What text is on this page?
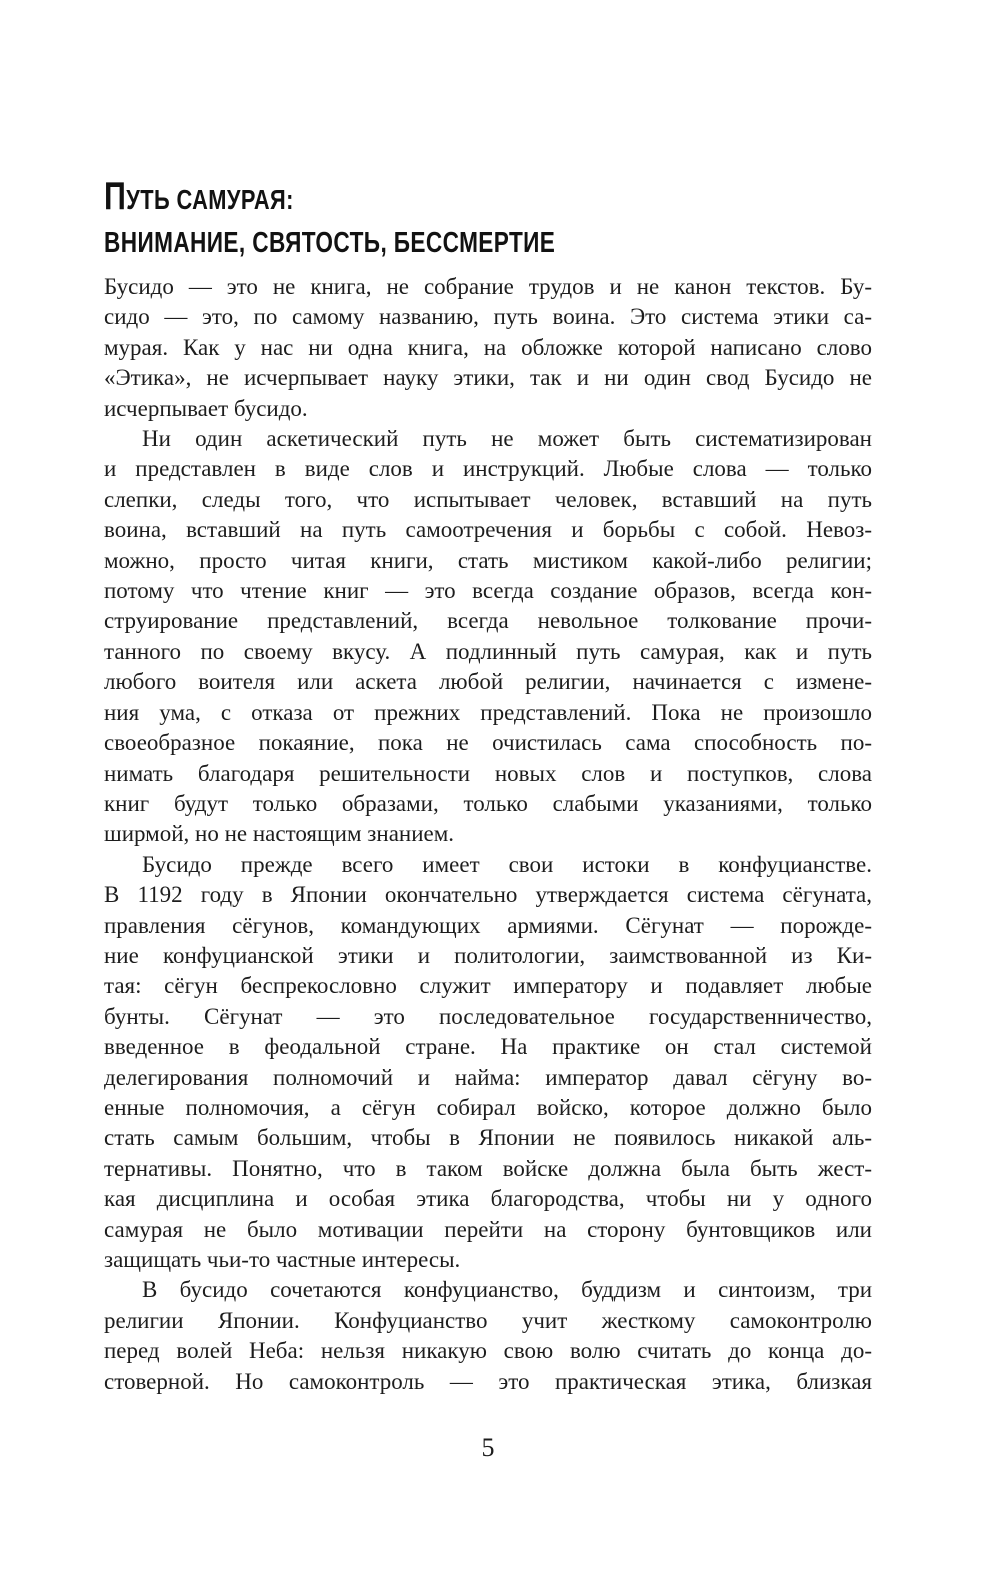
ПУТЬ САМУРАЯ:
ВНИМАНИЕ, СВЯТОСТЬ, БЕССМЕРТИЕ
Бусидо — это не книга, не собрание трудов и не канон текстов. Бу-
сидо — это, по самому названию, путь воина. Это система этики са-
мурая. Как у нас ни одна книга, на обложке которой написано слово
«Этика», не исчерпывает науку этики, так и ни один свод Бусидо не
исчерпывает бусидо.
Ни один аскетический путь не может быть систематизирован
и представлен в виде слов и инструкций. Любые слова — только
слепки, следы того, что испытывает человек, вставший на путь
воина, вставший на путь самоотречения и борьбы с собой. Невоз-
можно, просто читая книги, стать мистиком какой-либо религии;
потому что чтение книг — это всегда создание образов, всегда кон-
струирование представлений, всегда невольное толкование прочи-
танного по своему вкусу. А подлинный путь самурая, как и путь
любого воителя или аскета любой религии, начинается с измене-
ния ума, с отказа от прежних представлений. Пока не произошло
своеобразное покаяние, пока не очистилась сама способность по-
нимать благодаря решительности новых слов и поступков, слова
книг будут только образами, только слабыми указаниями, только
ширмой, но не настоящим знанием.
Бусидо прежде всего имеет свои истоки в конфуцианстве.
В 1192 году в Японии окончательно утверждается система сёгуната,
правления сёгунов, командующих армиями. Сёгунат — порожде-
ние конфуцианской этики и политологии, заимствованной из Ки-
тая: сёгун беспрекословно служит императору и подавляет любые
бунты. Сёгунат — это последовательное государственничество,
введенное в феодальной стране. На практике он стал системой
делегирования полномочий и найма: император давал сёгуну во-
енные полномочия, а сёгун собирал войско, которое должно было
стать самым большим, чтобы в Японии не появилось никакой аль-
тернативы. Понятно, что в таком войске должна была быть жест-
кая дисциплина и особая этика благородства, чтобы ни у одного
самурая не было мотивации перейти на сторону бунтовщиков или
защищать чьи-то частные интересы.
В бусидо сочетаются конфуцианство, буддизм и синтоизм, три
религии Японии. Конфуцианство учит жесткому самоконтролю
перед волей Неба: нельзя никакую свою волю считать до конца до-
стоверной. Но самоконтроль — это практическая этика, близкая
5
